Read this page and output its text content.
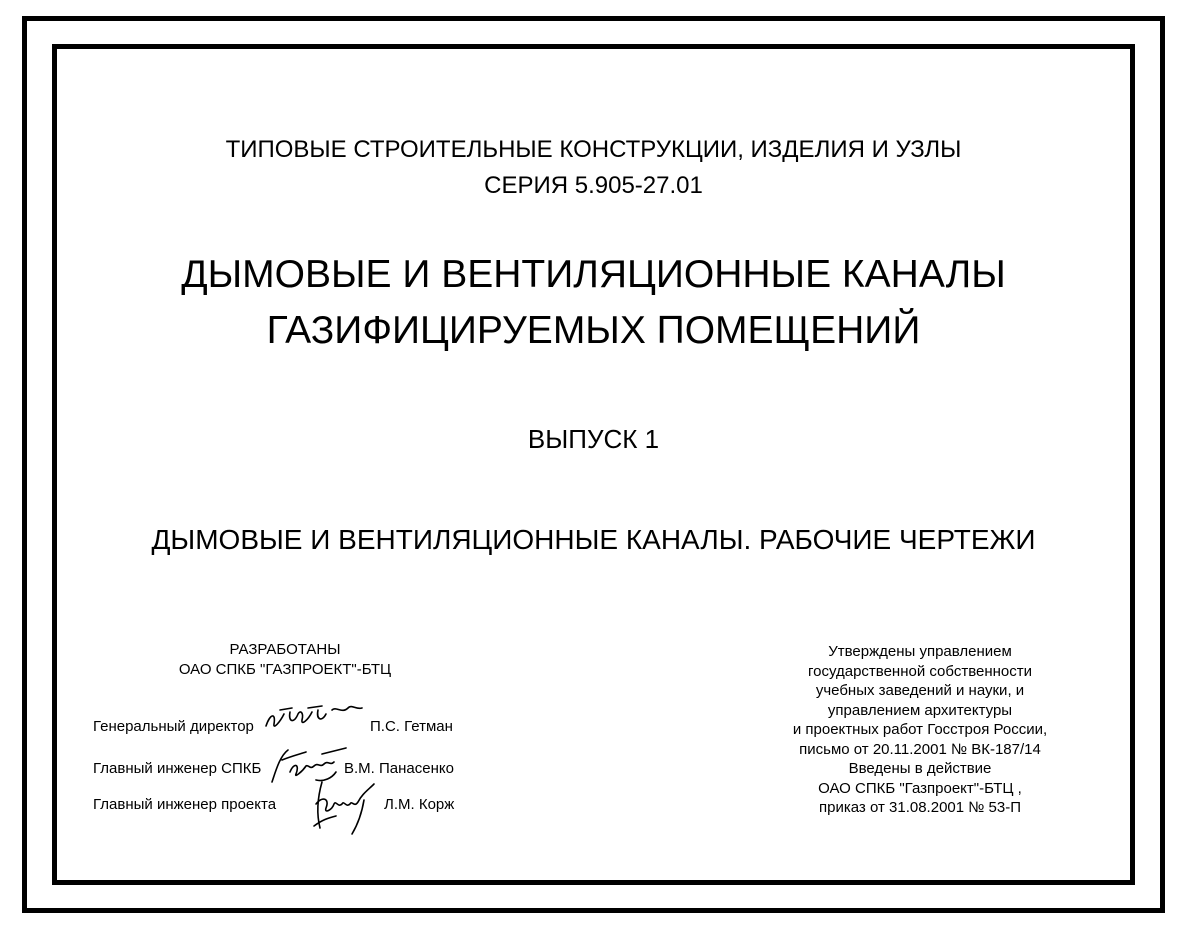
ТИПОВЫЕ СТРОИТЕЛЬНЫЕ КОНСТРУКЦИИ, ИЗДЕЛИЯ И УЗЛЫ
СЕРИЯ 5.905-27.01
ДЫМОВЫЕ И ВЕНТИЛЯЦИОННЫЕ КАНАЛЫ
ГАЗИФИЦИРУЕМЫХ ПОМЕЩЕНИЙ
ВЫПУСК 1
ДЫМОВЫЕ И ВЕНТИЛЯЦИОННЫЕ КАНАЛЫ. РАБОЧИЕ ЧЕРТЕЖИ
РАЗРАБОТАНЫ
ОАО СПКБ "ГАЗПРОЕКТ"-БТЦ
Генеральный директор	П.С. Гетман
Главный инженер СПКБ	В.М. Панасенко
Главный инженер проекта	Л.М. Корж
Утверждены управлением
государственной собственности
учебных заведений и науки, и
управлением архитектуры
и проектных работ Госстроя России,
письмо от 20.11.2001 № ВК-187/14
Введены в действие
ОАО СПКБ "Газпроект"-БТЦ ,
приказ от 31.08.2001 № 53-П
